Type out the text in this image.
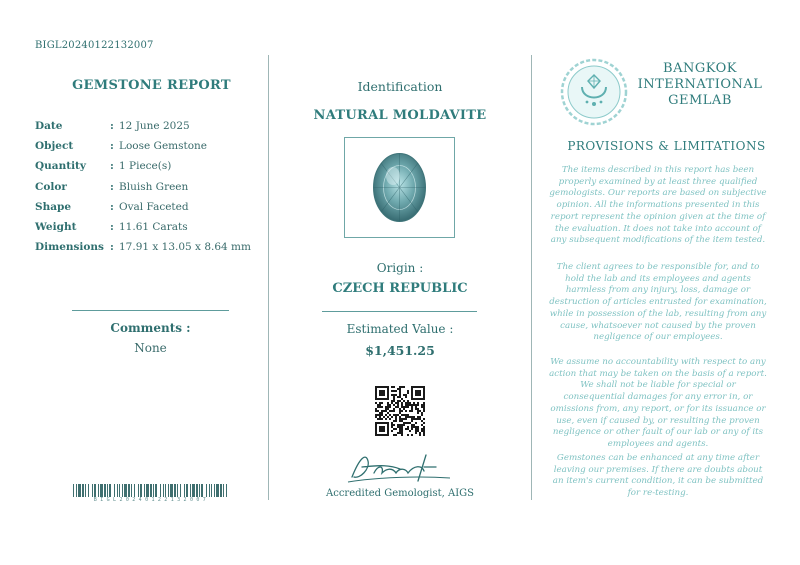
BIGL20240122132007
GEMSTONE REPORT
Date	: 12 June 2025
Object	: Loose Gemstone
Quantity : 1 Piece(s)
Color	: Bluish Green
Shape	: Oval Faceted
Weight	: 11.61 Carats
Dimensions : 17.91 x 13.05 x 8.64 mm
Comments :
None
BIGL20240122132007
Identification
NATURAL MOLDAVITE
Origin :
CZECH REPUBLIC
Estimated Value :
$1,451.25
Accredited Gemologist, AIGS
BANGKOK
INTERNATIONAL
GEMLAB
PROVISIONS & LIMITATIONS
The items described in this report has been properly examined by at least three qualified gemologists. Our reports are based on subjective opinion. All the informations presented in this report represent the opinion given at the time of the evaluation. It does not take into account of any subsequent modifications of the item tested.
The client agrees to be responsible for, and to hold the lab and its employees and agents harmless from any injury, loss, damage or destruction of articles entrusted for examination, while in possession of the lab, resulting from any cause, whatsoever not caused by the proven negligence of our employees.
We assume no accountability with respect to any action that may be taken on the basis of a report. We shall not be liable for special or consequential damages for any error in, or omissions from, any report, or for its issuance or use, even if caused by, or resulting the proven negligence or other fault of our lab or any of its employees and agents.
Gemstones can be enhanced at any time after leaving our premises. If there are doubts about an item's current condition, it can be submitted for re-testing.
